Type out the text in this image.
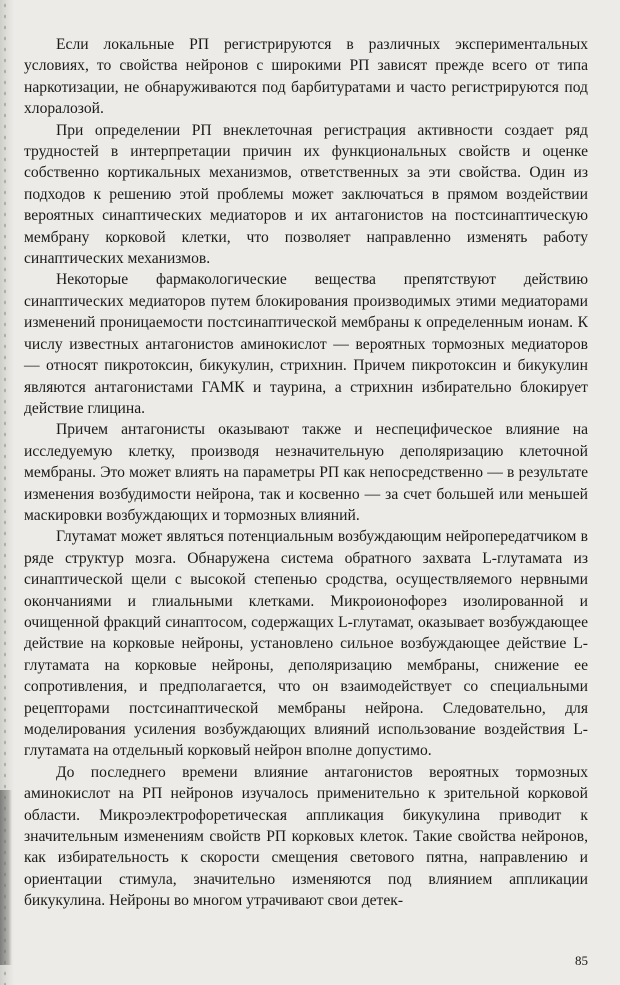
Если локальные РП регистрируются в различных экспериментальных условиях, то свойства нейронов с широкими РП зависят прежде всего от типа наркотизации, не обнаруживаются под барбитуратами и часто регистрируются под хлоралозой.

При определении РП внеклеточная регистрация активности создает ряд трудностей в интерпретации причин их функциональных свойств и оценке собственно кортикальных механизмов, ответственных за эти свойства. Один из подходов к решению этой проблемы может заключаться в прямом воздействии вероятных синаптических медиаторов и их антагонистов на постсинаптическую мембрану корковой клетки, что позволяет направленно изменять работу синаптических механизмов.

Некоторые фармакологические вещества препятствуют действию синаптических медиаторов путем блокирования производимых этими медиаторами изменений проницаемости постсинаптической мембраны к определенным ионам. К числу известных антагонистов аминокислот — вероятных тормозных медиаторов — относят пикротоксин, бикукулин, стрихнин. Причем пикротоксин и бикукулин являются антагонистами ГАМК и таурина, а стрихнин избирательно блокирует действие глицина.

Причем антагонисты оказывают также и неспецифическое влияние на исследуемую клетку, производя незначительную деполяризацию клеточной мембраны. Это может влиять на параметры РП как непосредственно — в результате изменения возбудимости нейрона, так и косвенно — за счет большей или меньшей маскировки возбуждающих и тормозных влияний.

Глутамат может являться потенциальным возбуждающим нейропередатчиком в ряде структур мозга. Обнаружена система обратного захвата L-глутамата из синаптической щели с высокой степенью сродства, осуществляемого нервными окончаниями и глиальными клетками. Микроионофорез изолированной и очищенной фракций синаптосом, содержащих L-глутамат, оказывает возбуждающее действие на корковые нейроны, установлено сильное возбуждающее действие L-глутамата на корковые нейроны, деполяризацию мембраны, снижение ее сопротивления, и предполагается, что он взаимодействует со специальными рецепторами постсинаптической мембраны нейрона. Следовательно, для моделирования усиления возбуждающих влияний использование воздействия L-глутамата на отдельный корковый нейрон вполне допустимо.

До последнего времени влияние антагонистов вероятных тормозных аминокислот на РП нейронов изучалось применительно к зрительной корковой области. Микроэлектрофоретическая аппликация бикукулина приводит к значительным изменениям свойств РП корковых клеток. Такие свойства нейронов, как избирательность к скорости смещения светового пятна, направлению и ориентации стимула, значительно изменяются под влиянием аппликации бикукулина. Нейроны во многом утрачивают свои детек-

85
